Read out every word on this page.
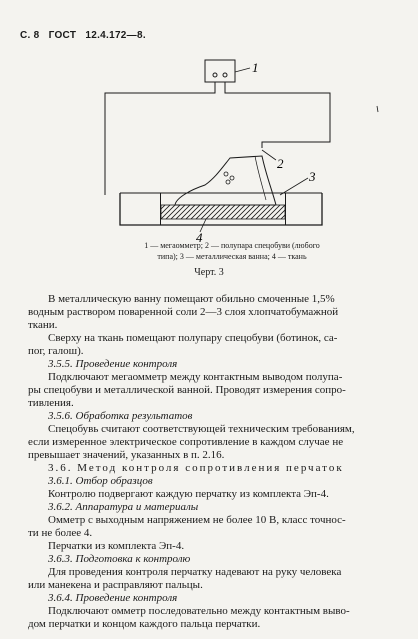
С. 8 ГОСТ 12.4.172—8.
1
2
3
4
1 — мегаомметр; 2 — полупара спецобуви (любого
типа); 3 — металлическая ванна; 4 — ткань
Черт. 3

В металлическую ванну помещают обильно смоченные 1,5%

водным раствором поваренной соли 2—3 слоя хлопчатобумажной

ткани.

Сверху на ткань помещают полупару спецобуви (ботинок, са-

пог, галош).

3.5.5. Проведение контроля

Подключают мегаомметр между контактным выводом полупа-

ры спецобуви и металлической ванной. Проводят измерения сопро-

тивления.

3.5.6. Обработка результатов

Спецобувь считают соответствующей техническим требованиям,

если измеренное электрическое сопротивление в каждом случае не

превышает значений, указанных в п. 2.16.

3.6. Метод контроля сопротивления перчаток

3.6.1. Отбор образцов

Контролю подвергают каждую перчатку из комплекта Эп-4.

3.6.2. Аппаратура и материалы

Омметр с выходным напряжением не более 10 В, класс точнос-

ти не более 4.

Перчатки из комплекта Эп-4.

3.6.3. Подготовка к контролю

Для проведения контроля перчатку надевают на руку человека

или манекена и расправляют пальцы.

3.6.4. Проведение контроля

Подключают омметр последовательно между контактным выво-

дом перчатки и концом каждого пальца перчатки.
